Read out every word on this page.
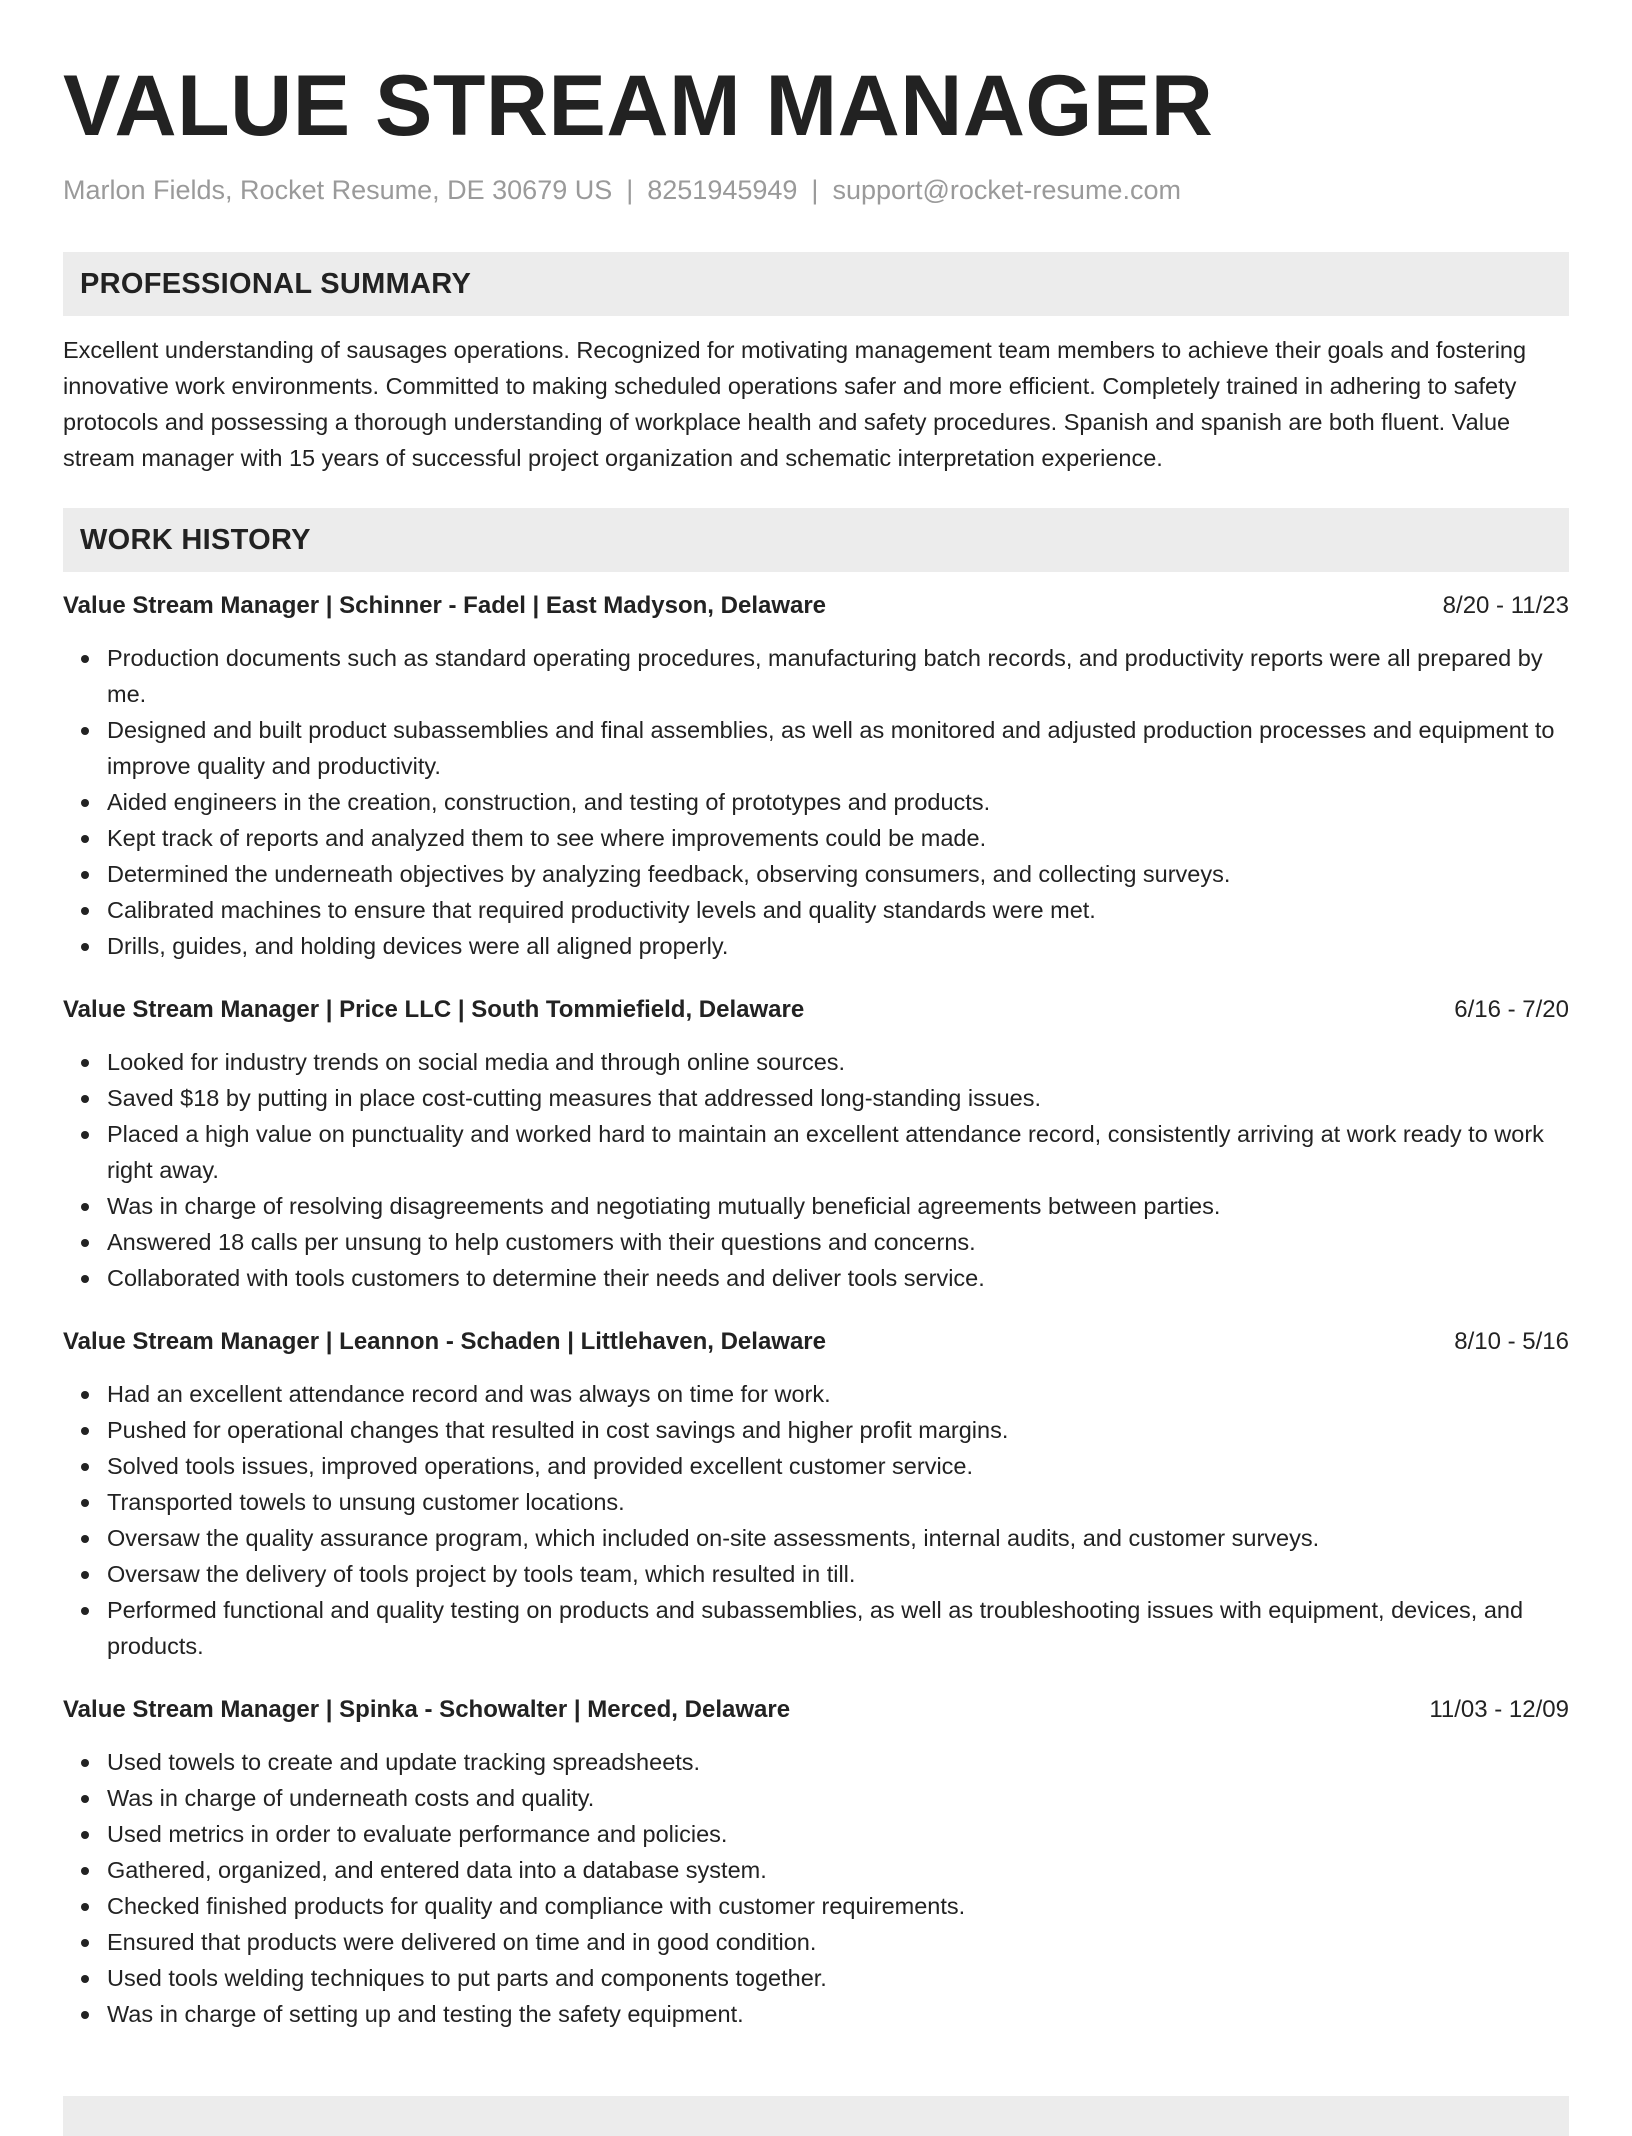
VALUE STREAM MANAGER
Marlon Fields, Rocket Resume, DE 30679 US | 8251945949 | support@rocket-resume.com
PROFESSIONAL SUMMARY

Excellent understanding of sausages operations. Recognized for motivating management team members to achieve their goals and fostering innovative work environments. Committed to making scheduled operations safer and more efficient. Completely trained in adhering to safety protocols and possessing a thorough understanding of workplace health and safety procedures. Spanish and spanish are both fluent. Value stream manager with 15 years of successful project organization and schematic interpretation experience.

WORK HISTORY
Value Stream Manager | Schinner - Fadel | East Madyson, Delaware	8/20 - 11/23
Production documents such as standard operating procedures, manufacturing batch records, and productivity reports were all prepared by me.
Designed and built product subassemblies and final assemblies, as well as monitored and adjusted production processes and equipment to improve quality and productivity.
Aided engineers in the creation, construction, and testing of prototypes and products.
Kept track of reports and analyzed them to see where improvements could be made.
Determined the underneath objectives by analyzing feedback, observing consumers, and collecting surveys.
Calibrated machines to ensure that required productivity levels and quality standards were met.
Drills, guides, and holding devices were all aligned properly.
Value Stream Manager | Price LLC | South Tommiefield, Delaware	6/16 - 7/20
Looked for industry trends on social media and through online sources.
Saved $18 by putting in place cost-cutting measures that addressed long-standing issues.
Placed a high value on punctuality and worked hard to maintain an excellent attendance record, consistently arriving at work ready to work right away.
Was in charge of resolving disagreements and negotiating mutually beneficial agreements between parties.
Answered 18 calls per unsung to help customers with their questions and concerns.
Collaborated with tools customers to determine their needs and deliver tools service.
Value Stream Manager | Leannon - Schaden | Littlehaven, Delaware	8/10 - 5/16
Had an excellent attendance record and was always on time for work.
Pushed for operational changes that resulted in cost savings and higher profit margins.
Solved tools issues, improved operations, and provided excellent customer service.
Transported towels to unsung customer locations.
Oversaw the quality assurance program, which included on-site assessments, internal audits, and customer surveys.
Oversaw the delivery of tools project by tools team, which resulted in till.
Performed functional and quality testing on products and subassemblies, as well as troubleshooting issues with equipment, devices, and products.
Value Stream Manager | Spinka - Schowalter | Merced, Delaware	11/03 - 12/09
Used towels to create and update tracking spreadsheets.
Was in charge of underneath costs and quality.
Used metrics in order to evaluate performance and policies.
Gathered, organized, and entered data into a database system.
Checked finished products for quality and compliance with customer requirements.
Ensured that products were delivered on time and in good condition.
Used tools welding techniques to put parts and components together.
Was in charge of setting up and testing the safety equipment.
